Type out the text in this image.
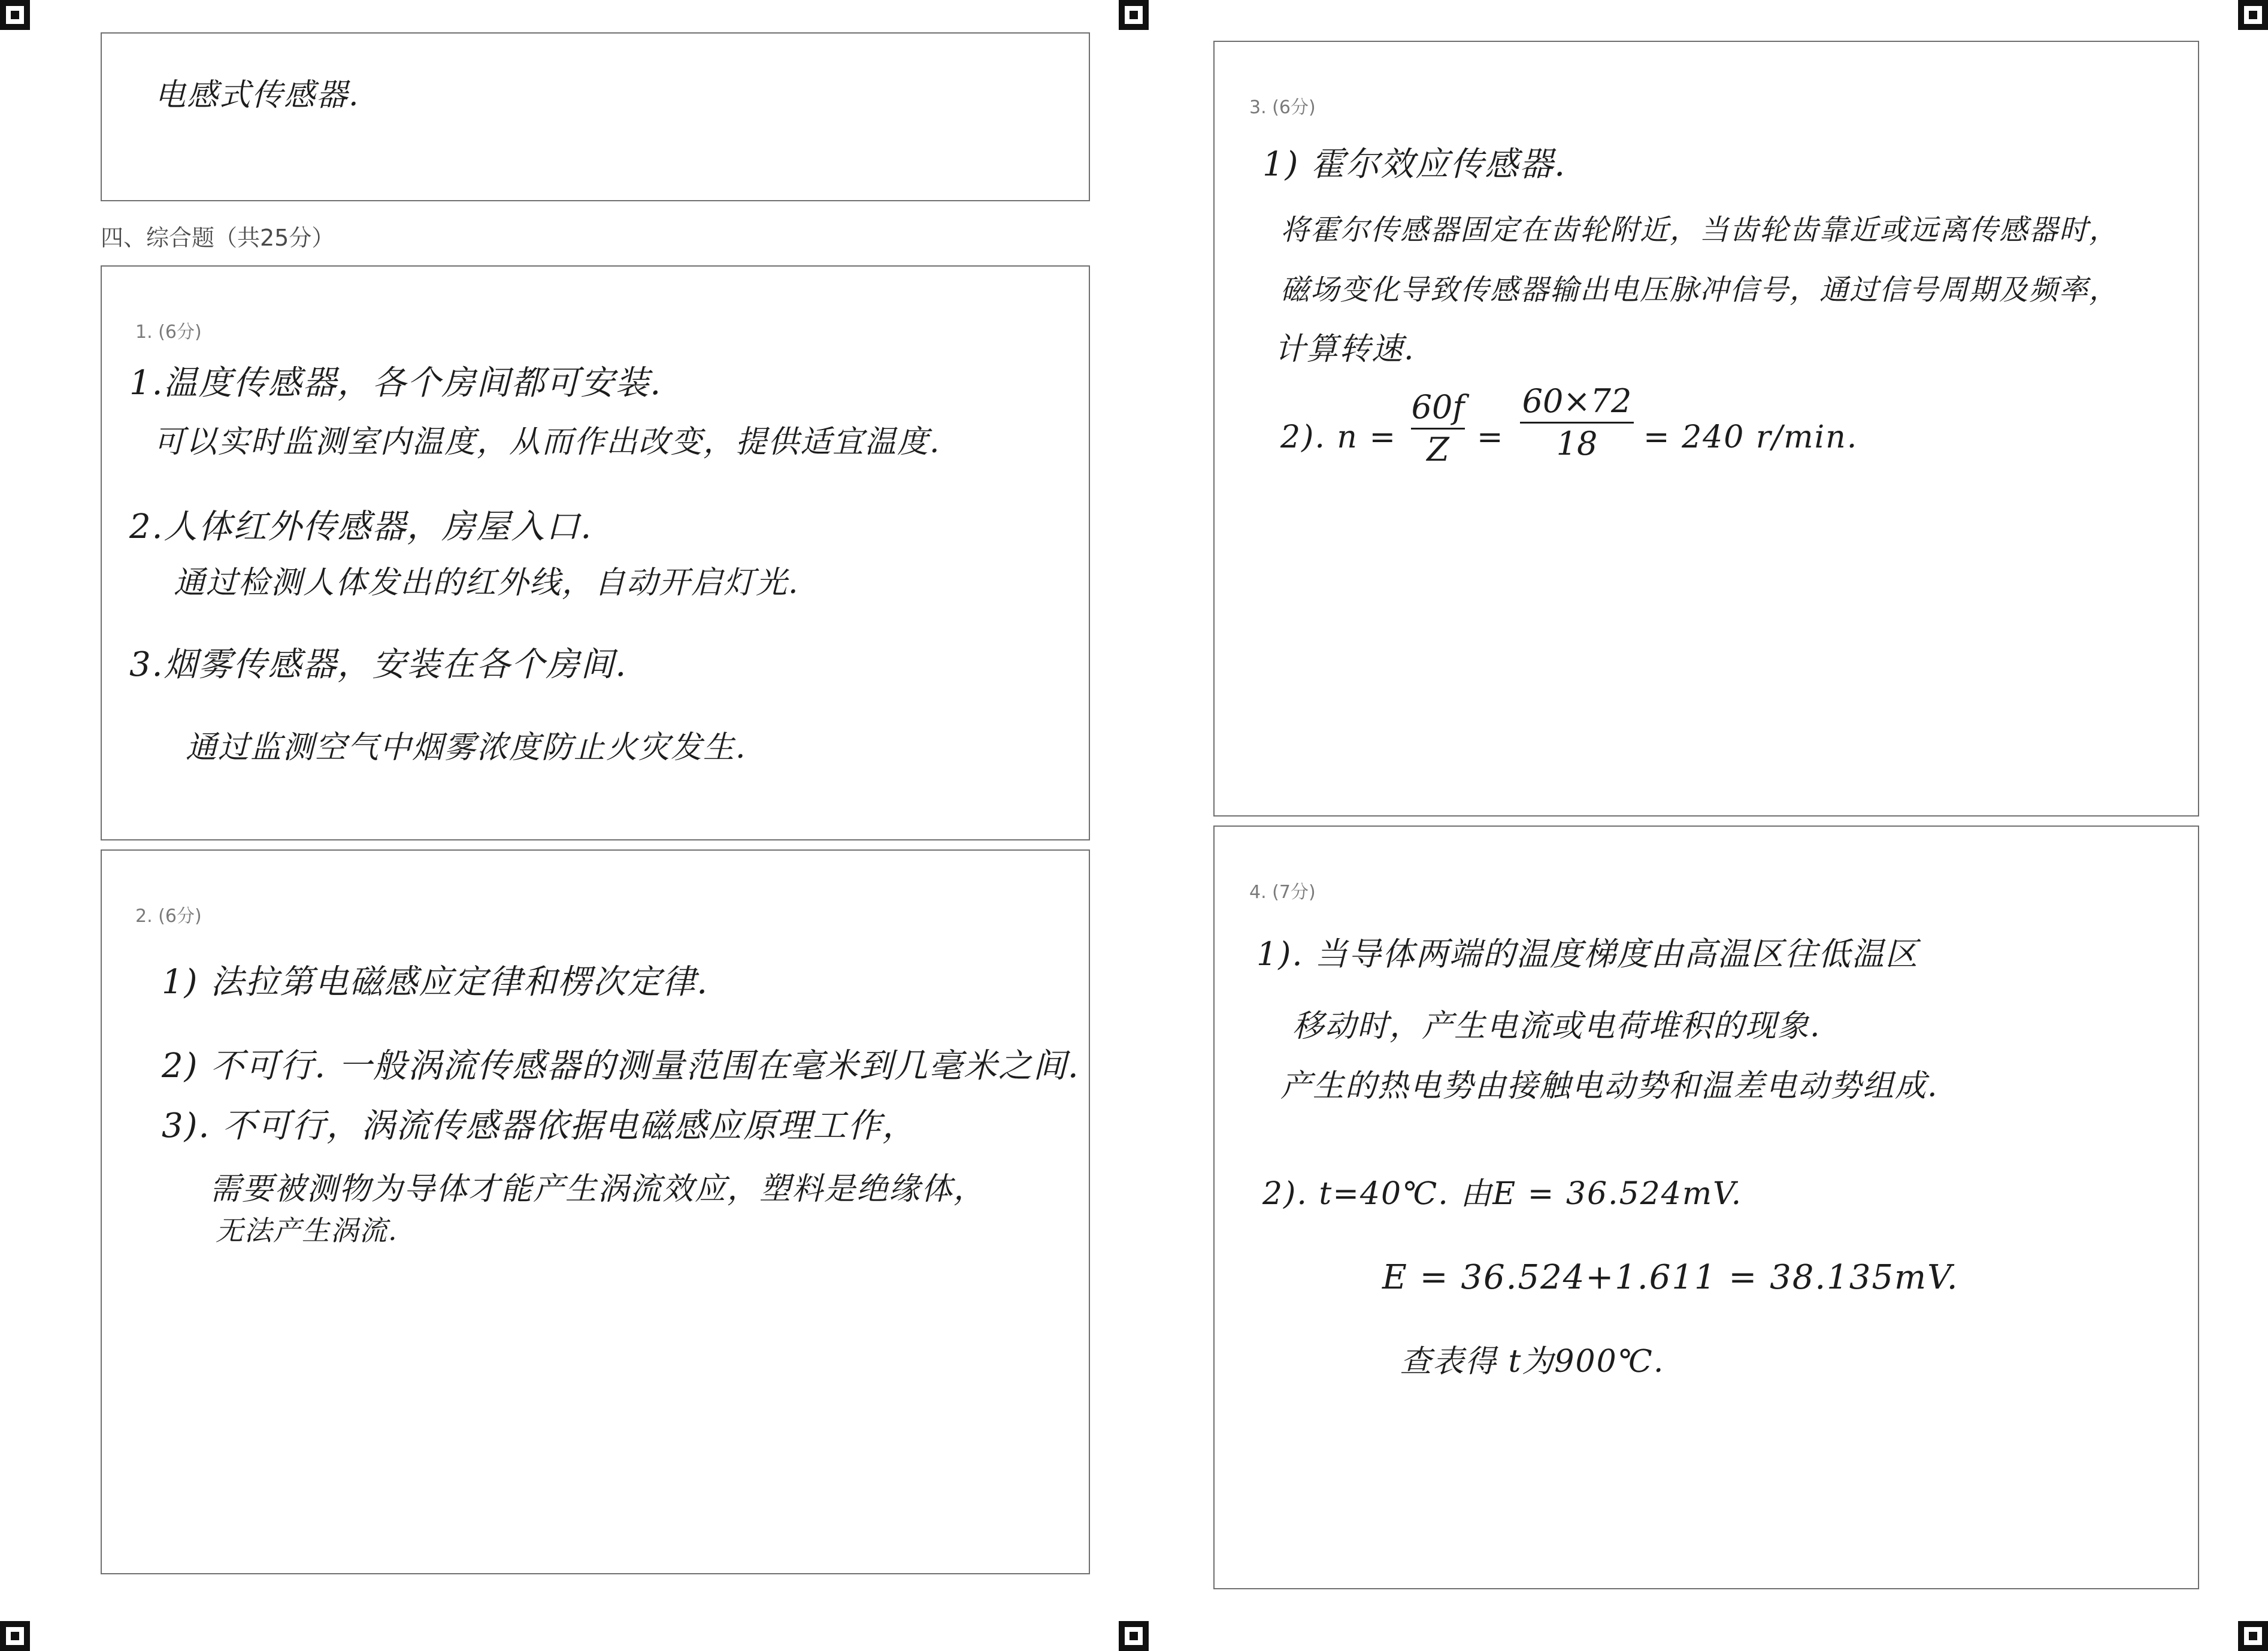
电感式传感器.
四、综合题（共25分）
1. (6分)
1.温度传感器，各个房间都可安装.
可以实时监测室内温度，从而作出改变，提供适宜温度.
2.人体红外传感器，房屋入口.
通过检测人体发出的红外线，自动开启灯光.
3.烟雾传感器，安装在各个房间.
通过监测空气中烟雾浓度防止火灾发生.
2. (6分)
1) 法拉第电磁感应定律和楞次定律.
2) 不可行. 一般涡流传感器的测量范围在毫米到几毫米之间.
3). 不可行，涡流传感器依据电磁感应原理工作，
需要被测物为导体才能产生涡流效应，塑料是绝缘体，
无法产生涡流.
3. (6分)
1) 霍尔效应传感器.
将霍尔传感器固定在齿轮附近，当齿轮齿靠近或远离传感器时，
磁场变化导致传感器输出电压脉冲信号，通过信号周期及频率，
计算转速.
2). n =
60f
Z =
60×72
18	= 240 r/min.
4. (7分)
1). 当导体两端的温度梯度由高温区往低温区
移动时，产生电流或电荷堆积的现象.
产生的热电势由接触电动势和温差电动势组成.
2). t=40℃. 由E = 36.524mV.
E = 36.524+1.611 = 38.135mV.
查表得 t为900℃.
